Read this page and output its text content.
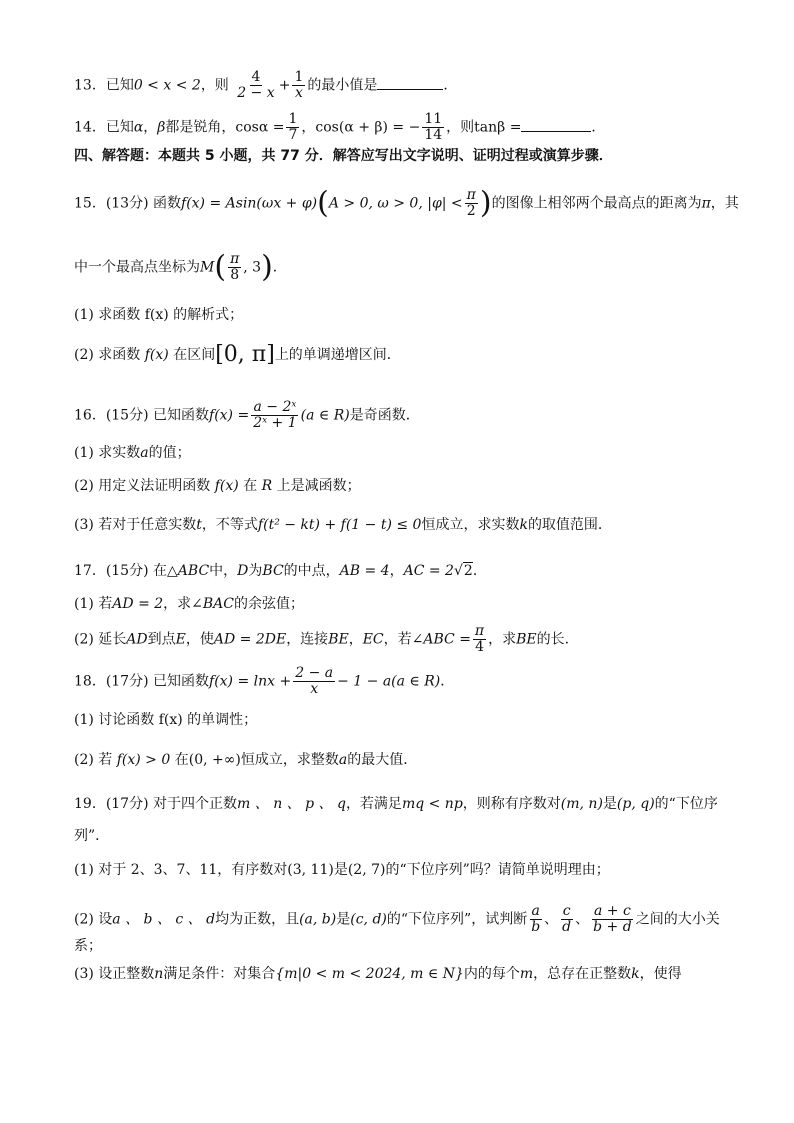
13．已知0 < x < 2，则 $\frac{4}{2 - x} + \frac{1}{x}$ 的最小值是	．
14．已知α，β都是锐角，$\cos\alpha = \frac{1}{7}$ ，cos(α + β) = − $\frac{11}{14}$ ，则tanβ =	．
四、解答题：本题共 5 小题，共 77 分．解答应写出文字说明、证明过程或演算步骤．
15．(13分) 函数f(x) = Asin(ωx + φ)(A > 0, ω > 0, $|\varphi| < \frac{\pi}{2}$ )的图像上相邻两个最高点的距离为π，其
中一个最高点坐标为$M( \frac{\pi}{8}$ , 3)．
(1) 求函数 f(x) 的解析式；
(2) 求函数 f(x) 在区间[0, π]上的单调递增区间．
16．(15分) 已知函数$f(x) = \frac{\text{a − 2ˣ}}{\text{2ˣ + 1}} (a$ ∈ R)是奇函数．
(1) 求实数a的值；
(2) 用定义法证明函数 f(x) 在 R 上是减函数；
(3) 若对于任意实数t，不等式f(t² − kt) + f(1 − t) ≤ 0恒成立，求实数k的取值范围．
17．(15分) 在△ABC中，D为BC的中点，AB = 4，AC = 2√2．
(1) 若AD = 2，求∠BAC的余弦值；
(2) 延长AD到点E，使AD = 2DE，连接BE，EC，若∠ABC = $\frac{\pi}{4}$ ，求BE的长．
18．(17分) 已知函数$f(x) = \ln x + \frac{2 - a}{x} - 1 - a(a$ ∈ R)．
(1) 讨论函数 f(x) 的单调性；
(2) 若 f(x) > 0 在(0, +∞)恒成立，求整数a的最大值．
19．(17分) 对于四个正数m 、 n 、 p 、 q，若满足mq < np，则称有序数对(m, n)是(p, q)的“下位序
列”．
(1) 对于 2、3、7、11，有序数对(3, 11)是(2, 7)的“下位序列”吗？请简单说明理由；
(2) 设a 、 b 、 c 、 d均为正数，且(a, b)是(c, d)的“下位序列”，试判断 $\frac{a}{b}$ 、 $\frac{c}{d}$ 、 $\frac{a + c}{b + d}$ 之间的大小关
系；
(3) 设正整数n满足条件：对集合{m|0 < m < 2024, m ∈ N}内的每个m，总存在正整数k，使得
